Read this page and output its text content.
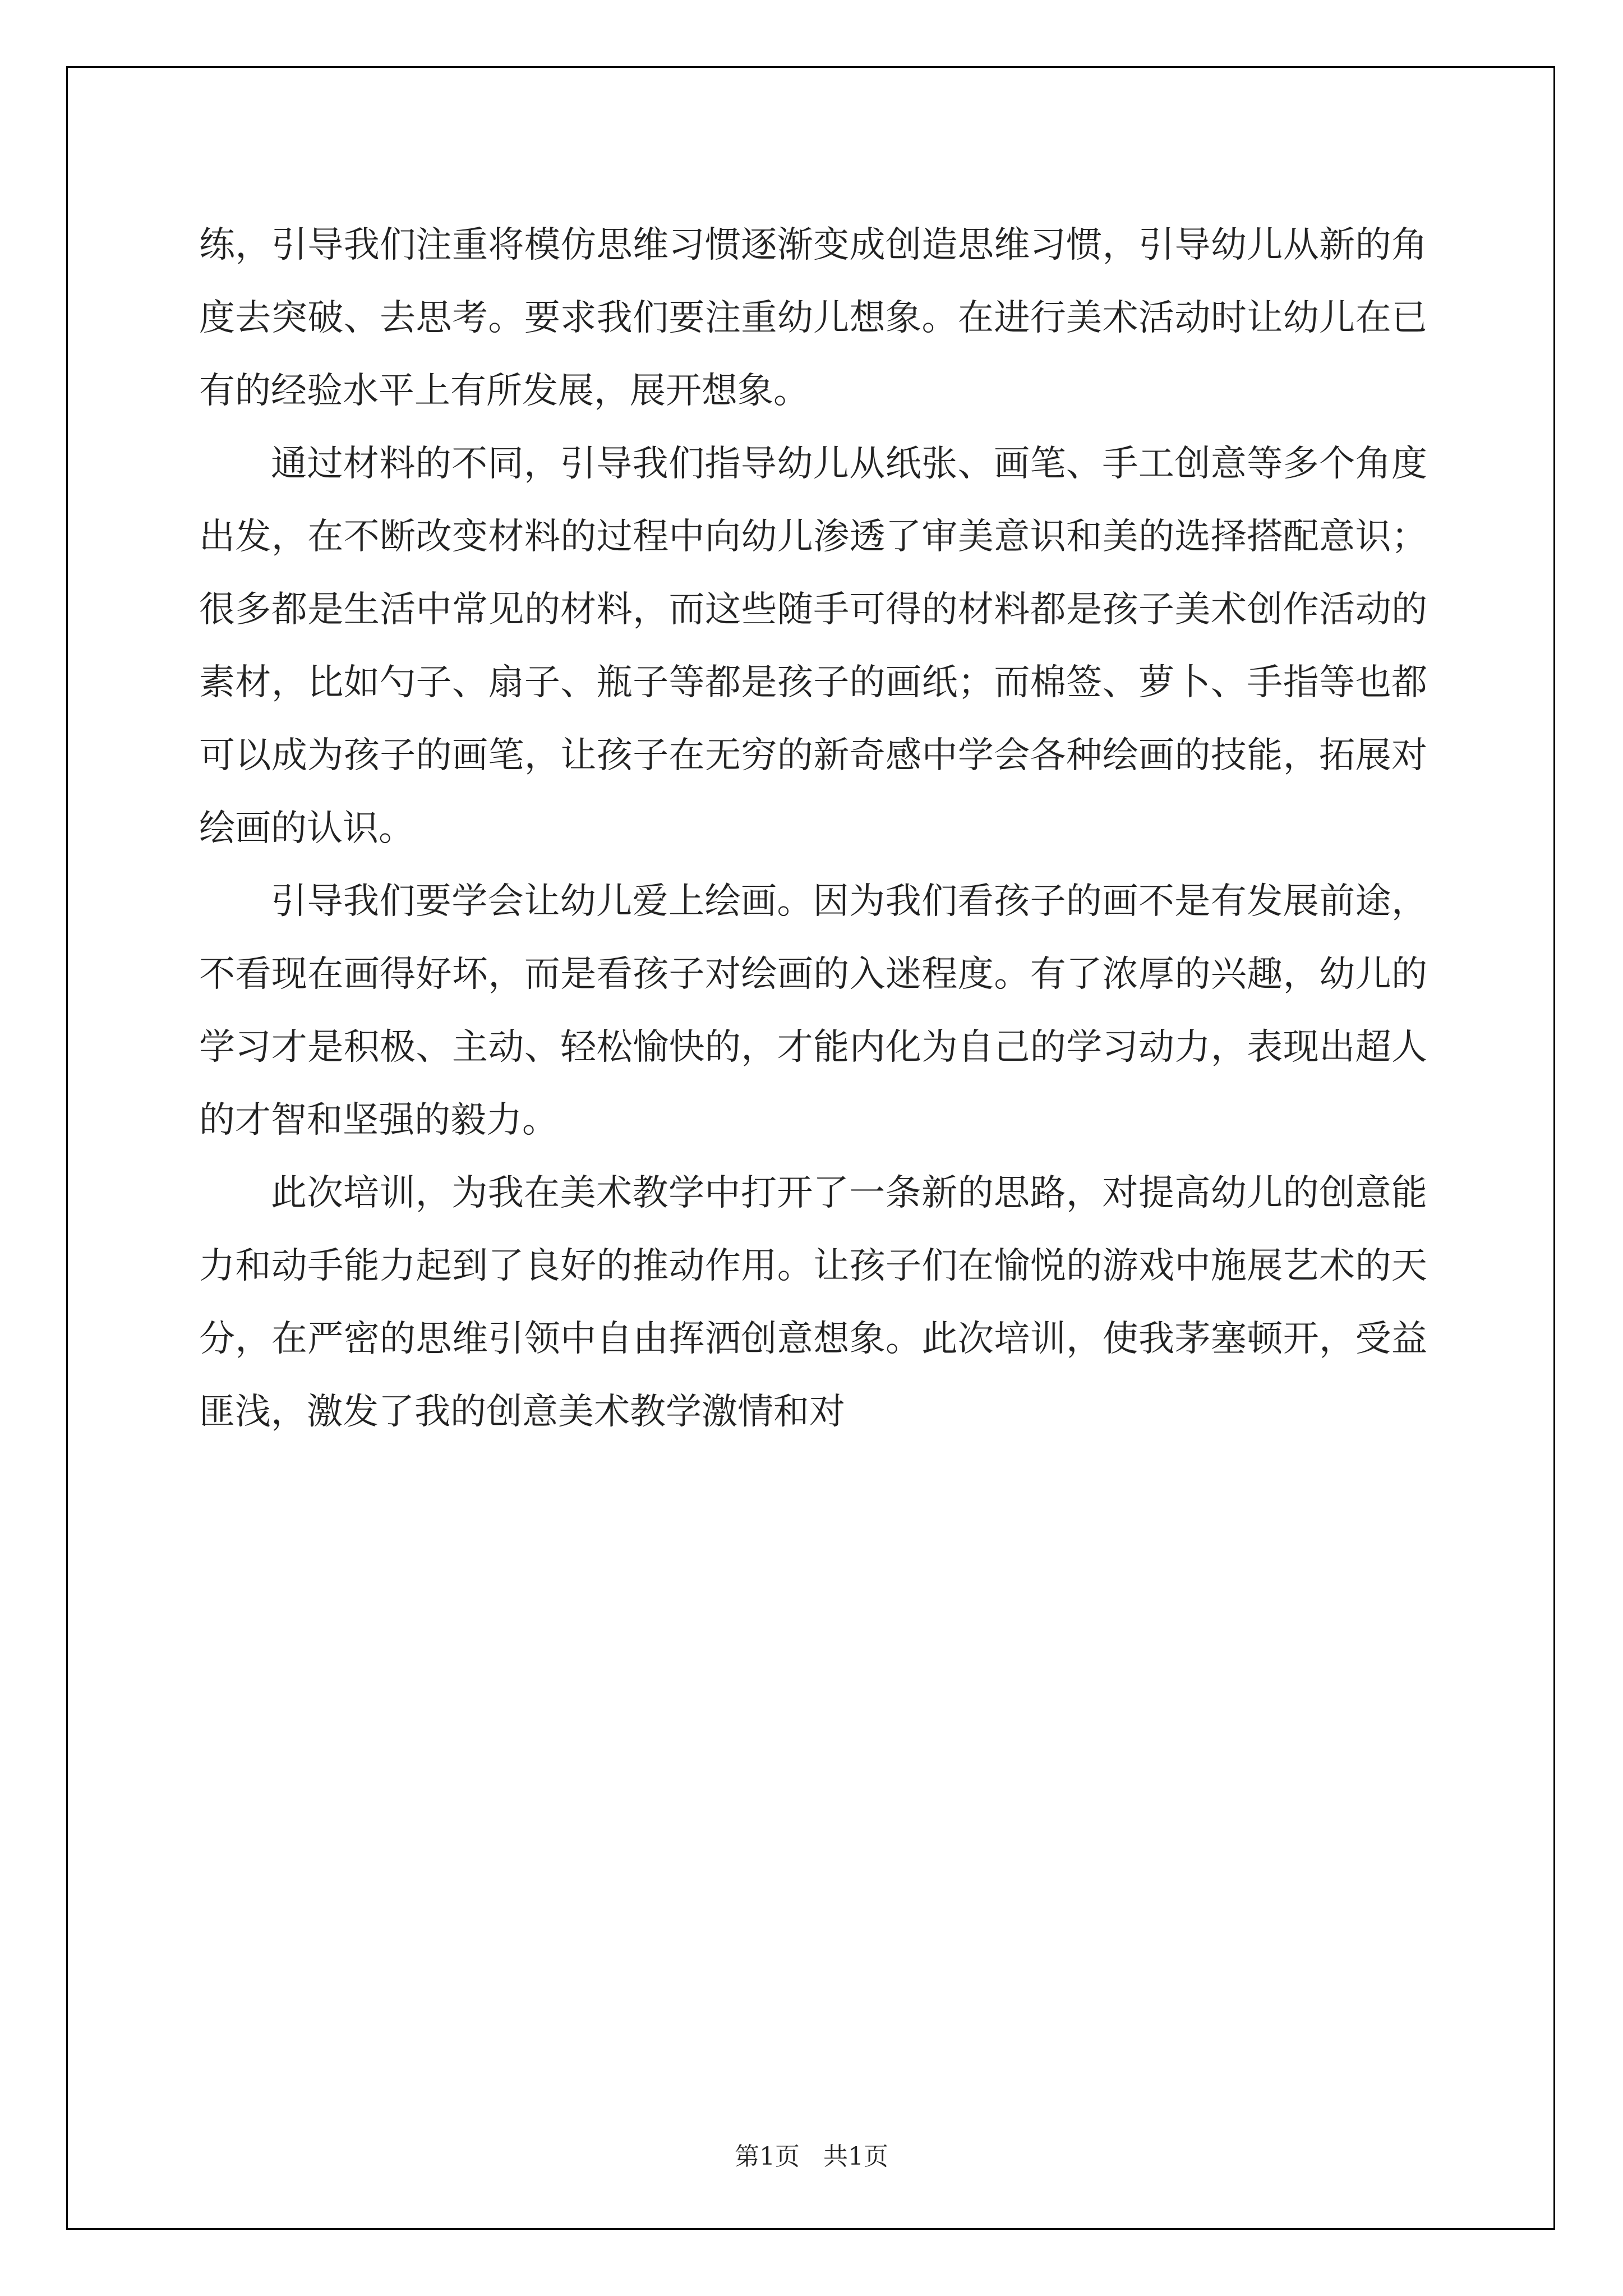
练，引导我们注重将模仿思维习惯逐渐变成创造思维习惯，引导幼儿从新的角度去突破、去思考。要求我们要注重幼儿想象。在进行美术活动时让幼儿在已有的经验水平上有所发展，展开想象。

通过材料的不同，引导我们指导幼儿从纸张、画笔、手工创意等多个角度出发，在不断改变材料的过程中向幼儿渗透了审美意识和美的选择搭配意识；很多都是生活中常见的材料，而这些随手可得的材料都是孩子美术创作活动的素材，比如勺子、扇子、瓶子等都是孩子的画纸；而棉签、萝卜、手指等也都可以成为孩子的画笔，让孩子在无穷的新奇感中学会各种绘画的技能，拓展对绘画的认识。

引导我们要学会让幼儿爱上绘画。因为我们看孩子的画不是有发展前途，不看现在画得好坏，而是看孩子对绘画的入迷程度。有了浓厚的兴趣，幼儿的学习才是积极、主动、轻松愉快的，才能内化为自己的学习动力，表现出超人的才智和坚强的毅力。

此次培训，为我在美术教学中打开了一条新的思路，对提高幼儿的创意能力和动手能力起到了良好的推动作用。让孩子们在愉悦的游戏中施展艺术的天分，在严密的思维引领中自由挥洒创意想象。此次培训，使我茅塞顿开，受益匪浅，激发了我的创意美术教学激情和对

第1页 共1页
